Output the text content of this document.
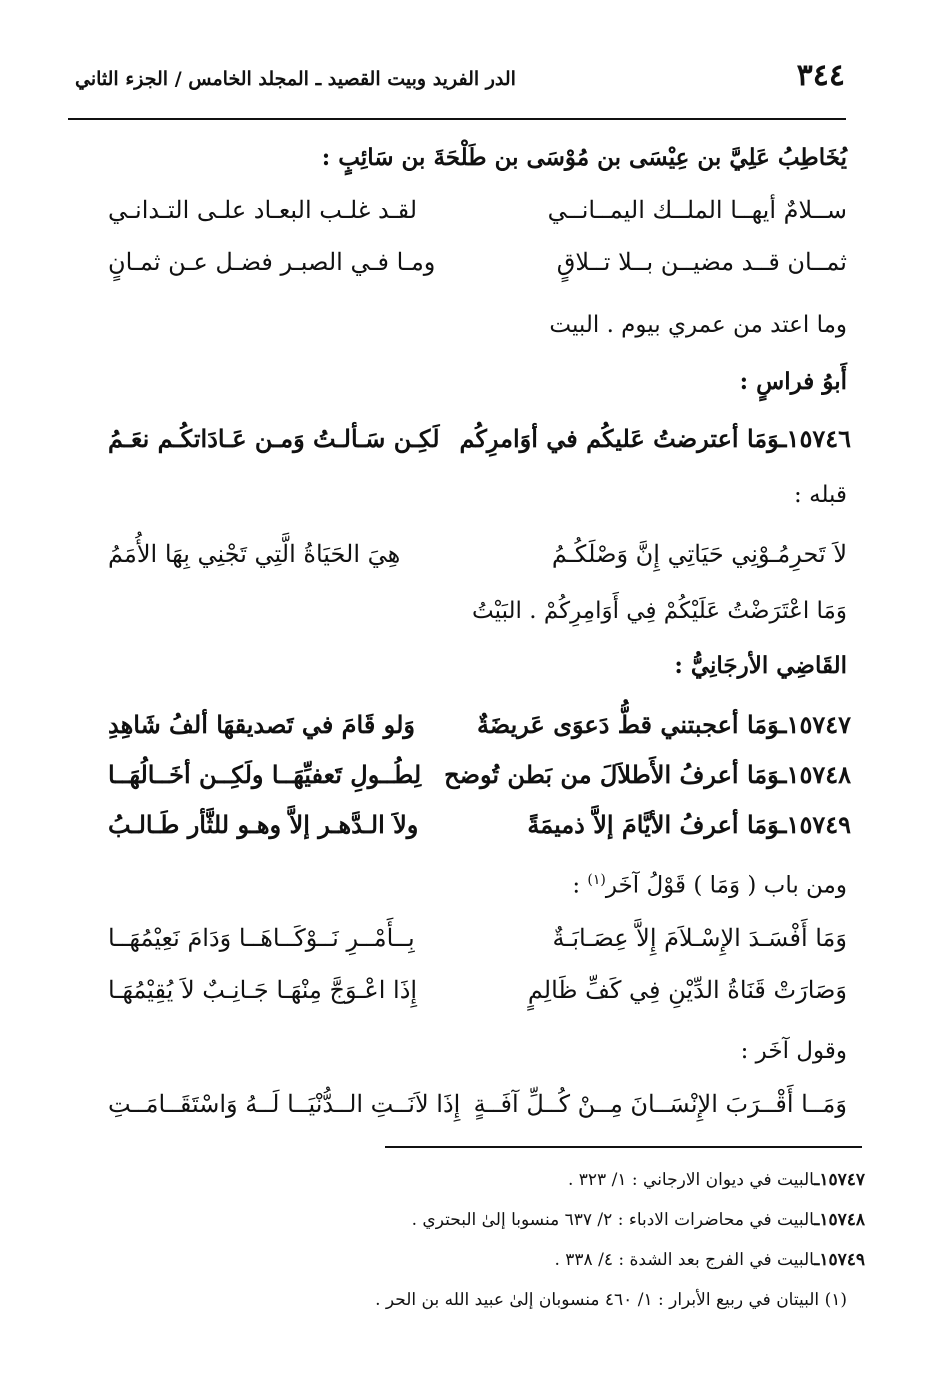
٣٤٤
الدر الفريد وبيت القصيد ـ المجلد الخامس / الجزء الثاني
يُخَاطِبُ عَلِيَّ بن عِيْسَى بن مُوْسَى بن طَلْحَةَ بن سَائِبٍ :
ســلامٌ أيهــا الملــك اليمــانــي
لقـد غلـب البعـاد علـى التـدانـي
ثمــان قــد مضيــن بــلا تــلاقٍ
ومـا فـي الصبـر فضـل عـن ثمـانٍ
وما اعتد من عمري بيوم . البيت
أَبوُ فراسٍ :
١٥٧٤٦ـوَمَا أعترضتُ عَليكُم في أوَامرِكُم
لَكِـن سَـألـتُ وَمـن عَـادَاتكُـم نعَـمُ
قبله :
لاَ تَحرِمُـوْنِي حَيَاتِي إِنَّ وَصْلَكُـمُ
هِيَ الحَيَاةُ الَّتِي تَجْنِي بِهَا الأُمَمُ
وَمَا اعْتَرَضْتُ عَلَيْكُمْ فِي أَوَامِرِكُمْ . البَيْتُ
القَاضِي الأرجَانِيُّ :
١٥٧٤٧ـوَمَا أعجبتني قطُّ دَعوَى عَريضَةٌ
وَلو قَامَ في تَصديقهَا ألفُ شَاهِدِ
١٥٧٤٨ـوَمَا أعرفُ الأَطلاَلَ من بَطن تُوضح
لِطُــولِ تَعفيِّهَــا ولَكِــن أخَــالُهَــا
١٥٧٤٩ـوَمَا أعرفُ الأيَّامَ إلاَّ ذميمَةً
ولاَ الـدَّهـر إلاَّ وهـو للثَّأر طَـالـبُ
ومن باب ( وَمَا ) قَوْلُ آخَر$^{(١)}$ :
وَمَا أَفْسَـدَ الإِسْـلاَمَ إِلاَّ عِصَـابَـةٌ
بِــأَمْــرِ نَــوْكَــاهَــا وَدَامَ نَعِيْمُهَــا
وَصَارَتْ قَنَاةُ الدِّيْنِ فِي كَفِّ ظَالِمٍ
إِذَا اعْـوَجَّ مِنْهَـا جَـانِـبٌ لاَ يُقِيْمُهَـا
وقول آخَر :
وَمَــا أَقْــرَبَ الإِنْسَــانَ مِــنْ كُــلِّ آفَــةٍ
إِذَا لاَنَــتِ الــدُّنْيَــا لَــهُ وَاسْتَقَــامَــتِ
١٥٧٤٧ـالبيت في ديوان الارجاني : ١/ ٣٢٣ .
١٥٧٤٨ـالبيت في محاضرات الادباء : ٢/ ٦٣٧ منسوبا إلىٰ البحتري .
١٥٧٤٩ـالبيت في الفرج بعد الشدة : ٤/ ٣٣٨ .
(١) البيتان في ربيع الأبرار : ١/ ٤٦٠ منسوبان إلىٰ عبيد الله بن الحر .
